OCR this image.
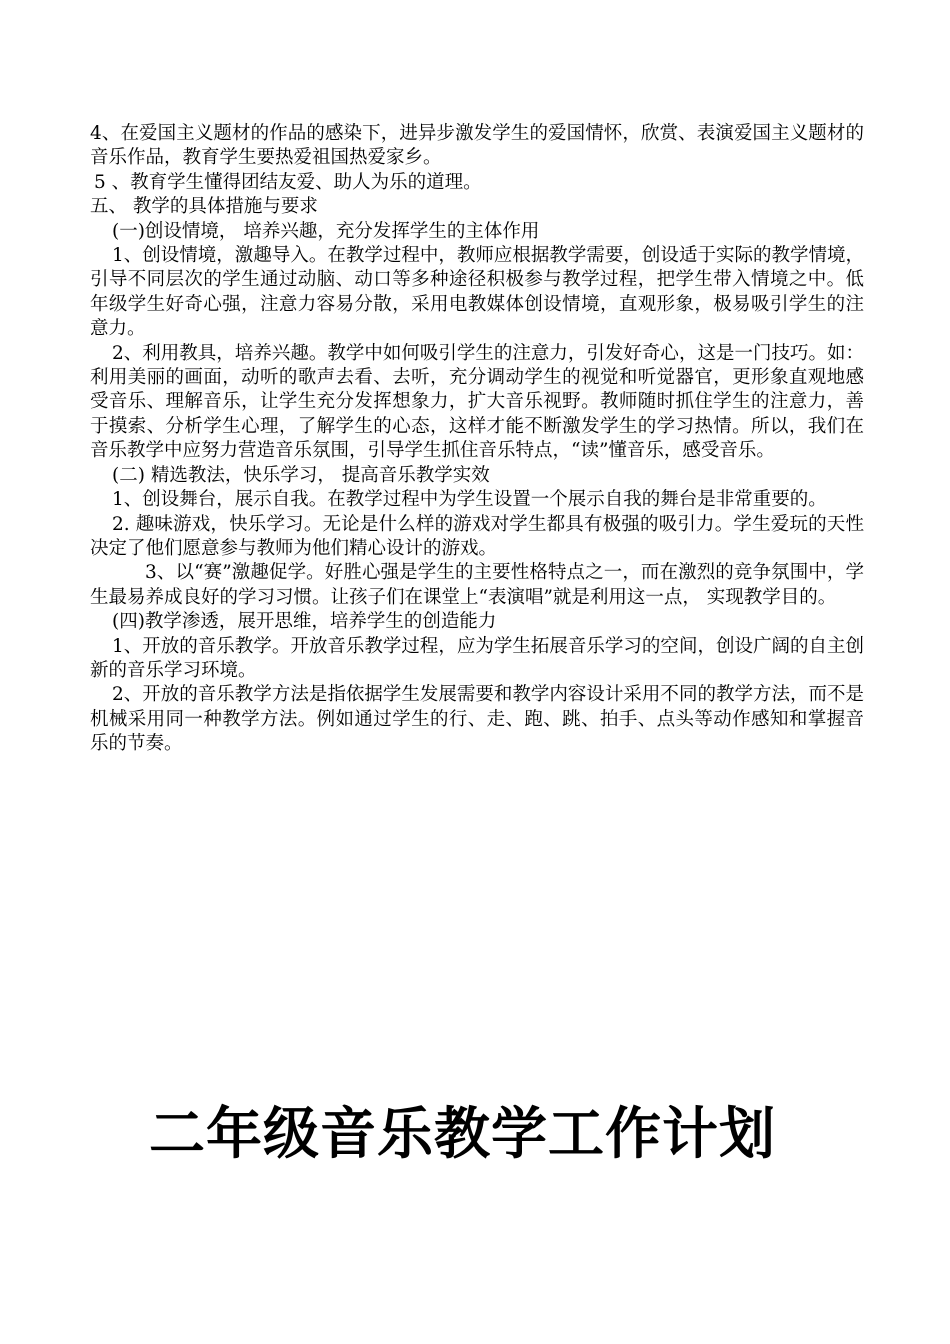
4、在爱国主义题材的作品的感染下，进异步激发学生的爱国情怀，欣赏、表演爱国主义题材的音乐作品，教育学生要热爱祖国热爱家乡。

5 、教育学生懂得团结友爱、助人为乐的道理。

五、 教学的具体措施与要求

(一)创设情境， 培养兴趣，充分发挥学生的主体作用

1、创设情境，激趣导入。在教学过程中，教师应根据教学需要，创设适于实际的教学情境，引导不同层次的学生通过动脑、动口等多种途径积极参与教学过程，把学生带入情境之中。低年级学生好奇心强，注意力容易分散，采用电教媒体创设情境，直观形象，极易吸引学生的注意力。

2、利用教具，培养兴趣。教学中如何吸引学生的注意力，引发好奇心，这是一门技巧。如：利用美丽的画面，动听的歌声去看、去听，充分调动学生的视觉和听觉器官，更形象直观地感受音乐、理解音乐，让学生充分发挥想象力，扩大音乐视野。教师随时抓住学生的注意力，善于摸索、分析学生心理，了解学生的心态，这样才能不断激发学生的学习热情。所以，我们在音乐教学中应努力营造音乐氛围，引导学生抓住音乐特点，“读”懂音乐，感受音乐。

(二) 精选教法，快乐学习， 提高音乐教学实效

1、创设舞台，展示自我。在教学过程中为学生设置一个展示自我的舞台是非常重要的。

2. 趣味游戏，快乐学习。无论是什么样的游戏对学生都具有极强的吸引力。学生爱玩的天性决定了他们愿意参与教师为他们精心设计的游戏。

3、以“赛”激趣促学。好胜心强是学生的主要性格特点之一，而在激烈的竞争氛围中，学生最易养成良好的学习习惯。让孩子们在课堂上“表演唱”就是利用这一点， 实现教学目的。

(四)教学渗透，展开思维，培养学生的创造能力

1、开放的音乐教学。开放音乐教学过程，应为学生拓展音乐学习的空间，创设广阔的自主创新的音乐学习环境。

2、开放的音乐教学方法是指依据学生发展需要和教学内容设计采用不同的教学方法，而不是机械采用同一种教学方法。例如通过学生的行、走、跑、跳、拍手、点头等动作感知和掌握音乐的节奏。

二年级音乐教学工作计划
